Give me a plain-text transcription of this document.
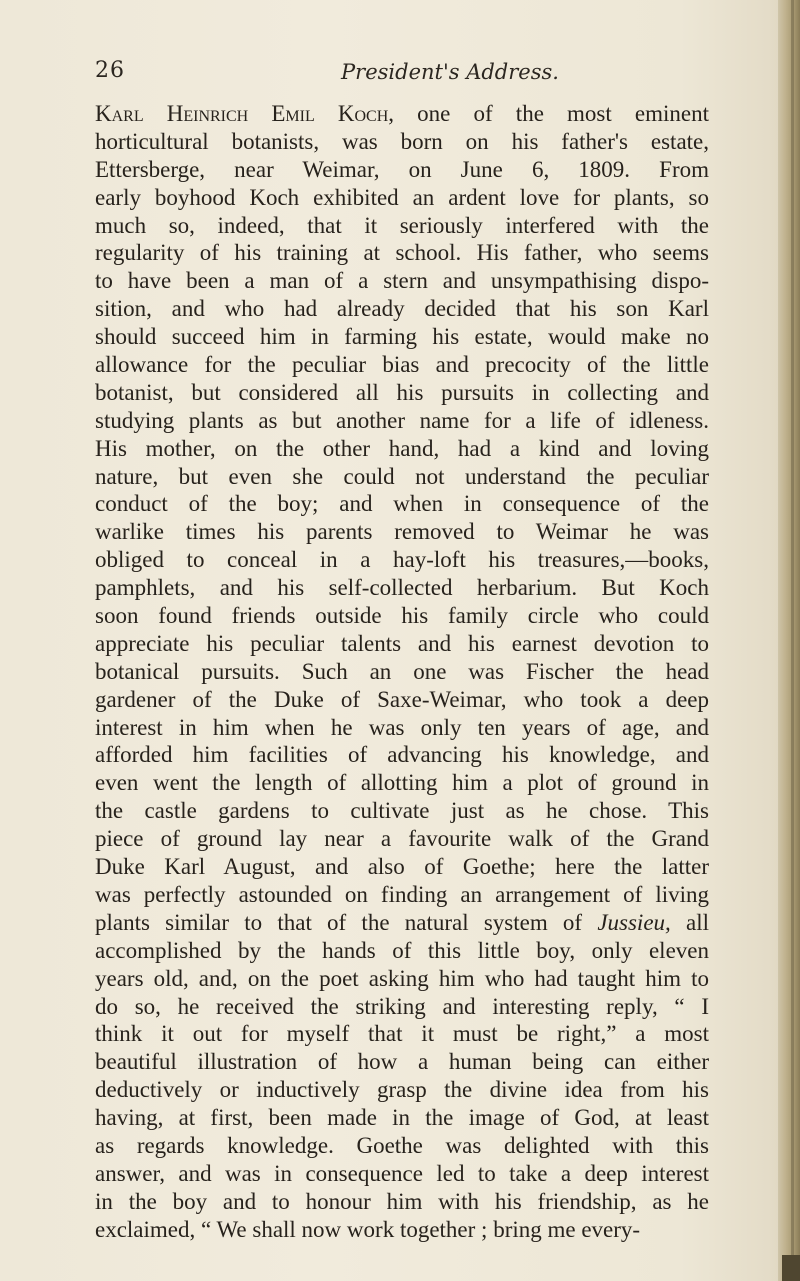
26	President's Address.
Karl Heinrich Emil Koch, one of the most eminent
horticultural botanists, was born on his father's estate,
Ettersberge, near Weimar, on June 6, 1809. From
early boyhood Koch exhibited an ardent love for plants, so
much so, indeed, that it seriously interfered with the
regularity of his training at school. His father, who seems
to have been a man of a stern and unsympathising dispo-
sition, and who had already decided that his son Karl
should succeed him in farming his estate, would make no
allowance for the peculiar bias and precocity of the little
botanist, but considered all his pursuits in collecting and
studying plants as but another name for a life of idleness.
His mother, on the other hand, had a kind and loving
nature, but even she could not understand the peculiar
conduct of the boy; and when in consequence of the
warlike times his parents removed to Weimar he was
obliged to conceal in a hay-loft his treasures,—books,
pamphlets, and his self-collected herbarium. But Koch
soon found friends outside his family circle who could
appreciate his peculiar talents and his earnest devotion to
botanical pursuits. Such an one was Fischer the head
gardener of the Duke of Saxe-Weimar, who took a deep
interest in him when he was only ten years of age, and
afforded him facilities of advancing his knowledge, and
even went the length of allotting him a plot of ground in
the castle gardens to cultivate just as he chose. This
piece of ground lay near a favourite walk of the Grand
Duke Karl August, and also of Goethe; here the latter
was perfectly astounded on finding an arrangement of living
plants similar to that of the natural system of Jussieu, all
accomplished by the hands of this little boy, only eleven
years old, and, on the poet asking him who had taught him to
do so, he received the striking and interesting reply, “ I
think it out for myself that it must be right,” a most
beautiful illustration of how a human being can either
deductively or inductively grasp the divine idea from his
having, at first, been made in the image of God, at least
as regards knowledge. Goethe was delighted with this
answer, and was in consequence led to take a deep interest
in the boy and to honour him with his friendship, as he
exclaimed, “ We shall now work together ; bring me every-
